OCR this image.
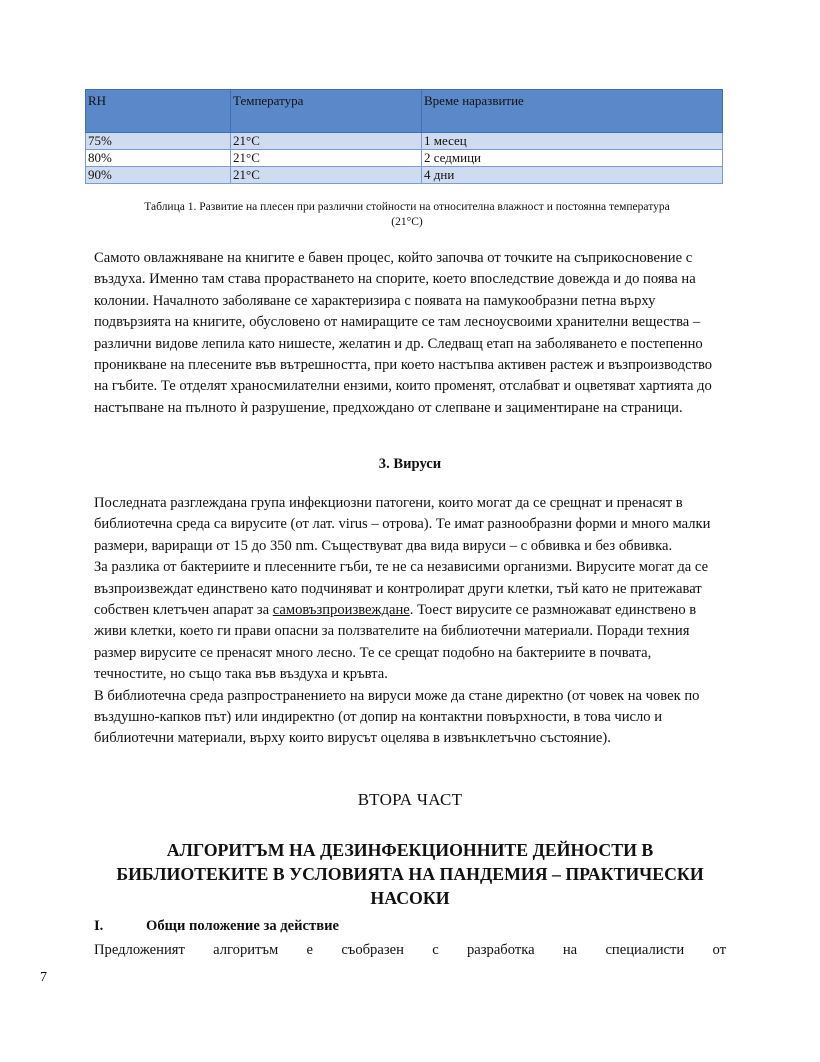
RH	Температура	Време наразвитие
75%	21°C	1 месец
80%	21°C	2 седмици
90%	21°C	4 дни
Таблица 1. Развитие на плесен при различни стойности на относителна влажност и постоянна температура (21°С)

Самото овлажняване на книгите е бавен процес, който започва от точките на съприкосновение с въздуха. Именно там става прорастването на спорите, което впоследствие довежда и до поява на колонии. Началното заболяване се характеризира с появата на памукообразни петна върху подвързията на книгите, обусловено от намиращите се там лесноусвоими хранителни вещества – различни видове лепила като нишесте, желатин и др. Следващ етап на заболяването е постепенно проникване на плесените във вътрешността, при което настъпва активен растеж и възпроизводство на гъбите. Те отделят храносмилателни ензими, които променят, отслабват и оцветяват хартията до настъпване на пълното ѝ разрушение, предхождано от слепване и зациментиране на страници.

3. Вируси
Последната разглеждана група инфекциозни патогени, които могат да се срещнат и пренасят в библиотечна среда са вирусите (от лат. virus – отрова). Те имат разнообразни форми и много малки размери, вариращи от 15 до 350 nm. Съществуват два вида вируси – с обвивка и без обвивка.
За разлика от бактериите и плесенните гъби, те не са независими организми. Вирусите могат да се възпроизвеждат единствено като подчиняват и контролират други клетки, тъй като не притежават собствен клетъчен апарат за самовъзпроизвеждане. Тоест вирусите се размножават единствено в живи клетки, което ги прави опасни за ползвателите на библиотечни материали. Поради техния размер вирусите се пренасят много лесно. Те се срещат подобно на бактериите в почвата, течностите, но също така във въздуха и кръвта.
В библиотечна среда разпространението на вируси може да стане директно (от човек на човек по въздушно-капков път) или индиректно (от допир на контактни повърхности, в това число и библиотечни материали, върху които вирусът оцелява в извънклетъчно състояние).
ВТОРА ЧАСТ
АЛГОРИТЪМ НА ДЕЗИНФЕКЦИОННИТЕ ДЕЙНОСТИ В БИБЛИОТЕКИТЕ В УСЛОВИЯТА НА ПАНДЕМИЯ – ПРАКТИЧЕСКИ НАСОКИ
I.	Общи положение за действие
Предложеният алгоритъм е съобразен с разработка на специалисти от
7
